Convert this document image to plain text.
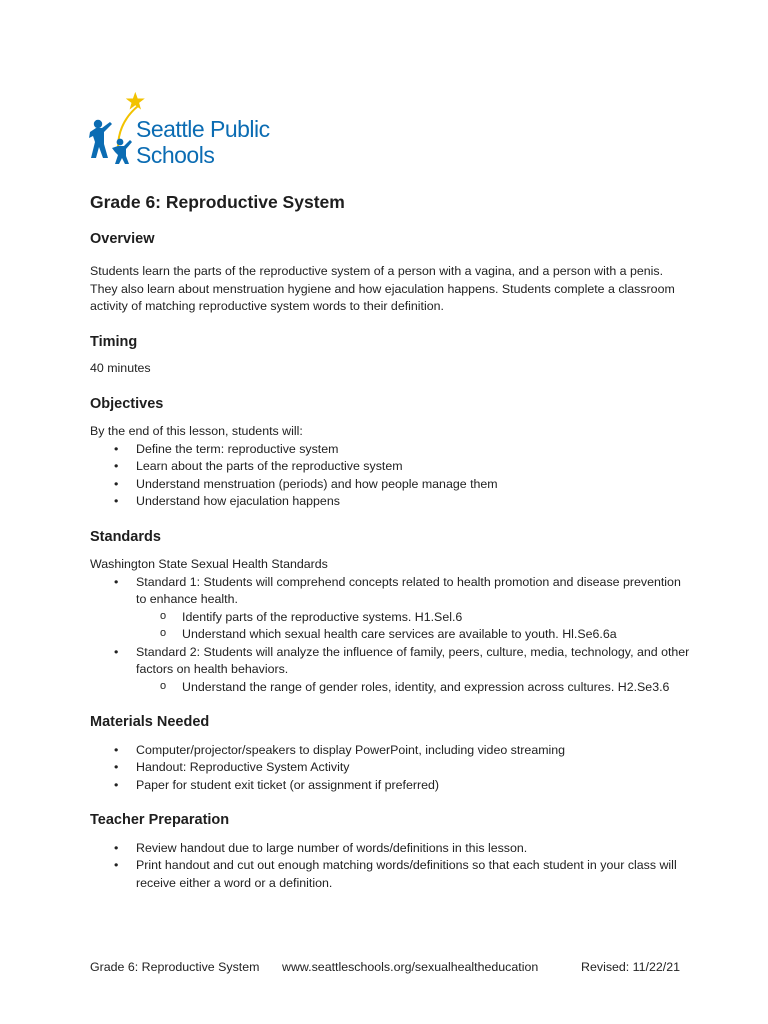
Seattle Public
Schools
Grade 6: Reproductive System
Overview

Students learn the parts of the reproductive system of a person with a vagina, and a person with a penis. They also learn about menstruation hygiene and how ejaculation happens. Students complete a classroom activity of matching reproductive system words to their definition.

Timing

40 minutes

Objectives

By the end of this lesson, students will:

• Define the term: reproductive system
• Learn about the parts of the reproductive system
• Understand menstruation (periods) and how people manage them
• Understand how ejaculation happens
Standards

Washington State Sexual Health Standards

• Standard 1: Students will comprehend concepts related to health promotion and disease prevention to enhance health.
o Identify parts of the reproductive systems. H1.Sel.6
o Understand which sexual health care services are available to youth. Hl.Se6.6a
• Standard 2: Students will analyze the influence of family, peers, culture, media, technology, and other factors on health behaviors.
o Understand the range of gender roles, identity, and expression across cultures. H2.Se3.6
Materials Needed
• Computer/projector/speakers to display PowerPoint, including video streaming
• Handout: Reproductive System Activity
• Paper for student exit ticket (or assignment if preferred)
Teacher Preparation
• Review handout due to large number of words/definitions in this lesson.
• Print handout and cut out enough matching words/definitions so that each student in your class will receive either a word or a definition.
Grade 6: Reproductive System www.seattleschools.org/sexualhealtheducation	Revised: 11/22/21
